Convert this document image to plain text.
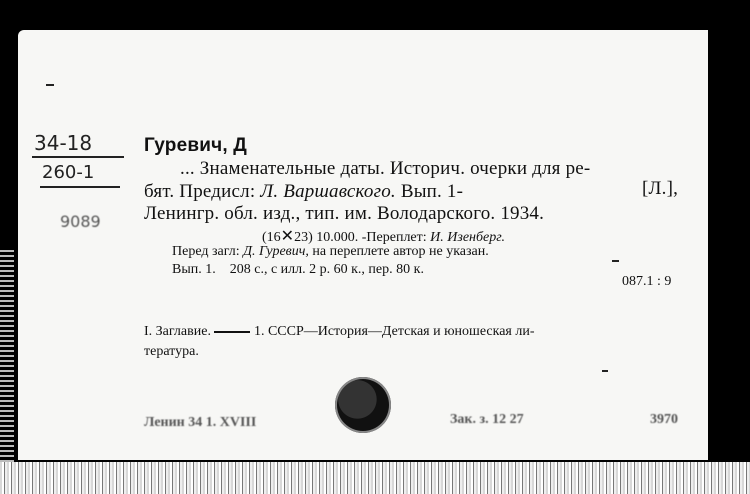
34-18
260-1
9089
Гуревич, Д
... Знаменательные даты. Историч. очерки для ре-
бят. Предисл: Л. Варшавского. Вып. 1-	[Л.],
Ленингр. обл. изд., тип. им. Володарского. 1934.
(16✕23) 10.000. -Переплет: И. Изенберг.
Перед загл: Д. Гуревич, на переплете автор не указан.
Вып. 1.    208 с., с илл. 2 р. 60 к., пер. 80 к.
087.1 : 9
I. Заглавие.	1. СССР—История—Детская и юношеская ли-
тература.
Ленин 34 1. XVIII	Зак. з. 12 27	3970
